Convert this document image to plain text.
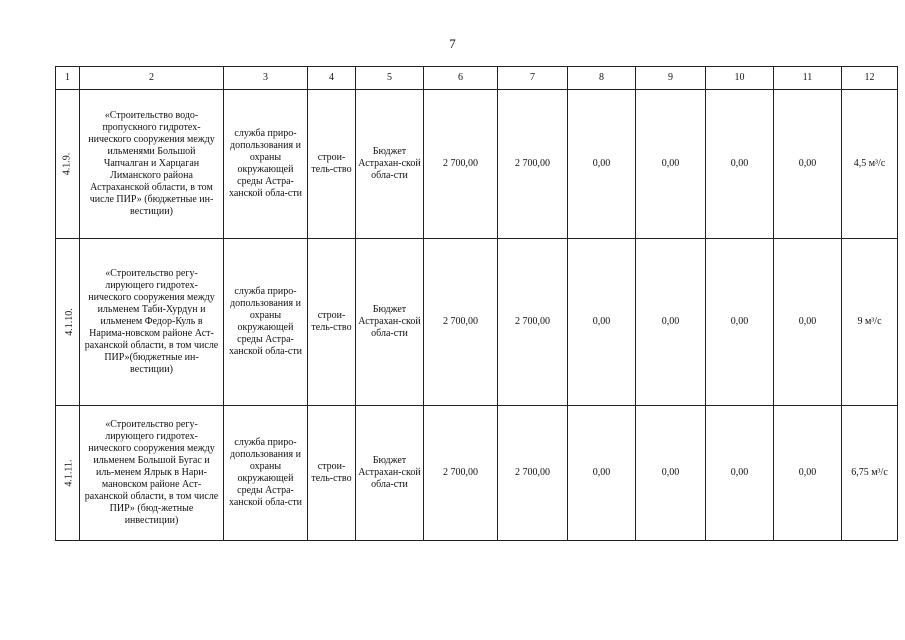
7
1	2	3	4	5	6	7	8	9	10	11	12
4.1.9.	«Строительство водо-пропускного гидротех-нического сооружения между ильменями Большой Чапчалган и Харцаган Лиманского района Астраханской области, в том числе ПИР» (бюджетные ин-вестиции)	служба приро-допользования и охраны окружающей среды Астра-ханской обла-сти	строи-тель-ство	Бюджет Астрахан-ской обла-сти	2 700,00	2 700,00	0,00	0,00	0,00	0,00	4,5 м³/с
4.1.10.	«Строительство регу-лирующего гидротех-нического сооружения между ильменем Таби-Хурдун и ильменем Федор-Куль в Нарима-новском районе Аст-раханской области, в том числе ПИР»(бюджетные ин-вестиции)	служба приро-допользования и охраны окружающей среды Астра-ханской обла-сти	строи-тель-ство	Бюджет Астрахан-ской обла-сти	2 700,00	2 700,00	0,00	0,00	0,00	0,00	9 м³/с
4.1.11.	«Строительство регу-лирующего гидротех-нического сооружения между ильменем Большой Бугас и иль-менем Ялрык в Нари-мановском районе Аст-раханской области, в том числе ПИР» (бюд-жетные инвестиции)	служба приро-допользования и охраны окружающей среды Астра-ханской обла-сти	строи-тель-ство	Бюджет Астрахан-ской обла-сти	2 700,00	2 700,00	0,00	0,00	0,00	0,00	6,75 м³/с
